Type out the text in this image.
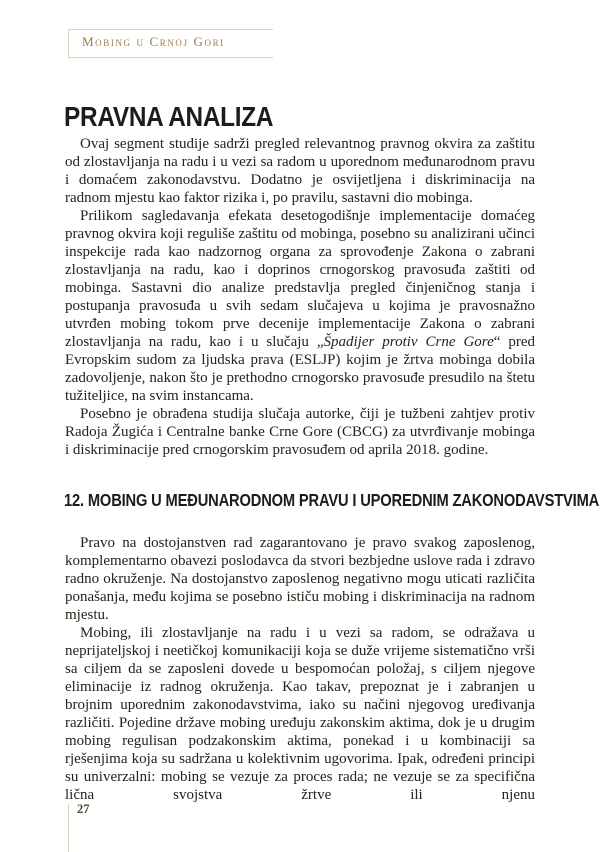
Mobing u Crnoj Gori
PRAVNA ANALIZA

Ovaj segment studije sadrži pregled relevantnog pravnog okvira za zaštitu od zlostavljanja na radu i u vezi sa radom u uporednom međunarodnom pravu i domaćem zakonodavstvu. Dodatno je osvijetljena i diskriminacija na radnom mjestu kao faktor rizika i, po pravilu, sastavni dio mobinga.

Prilikom sagledavanja efekata desetogodišnje implementacije domaćeg pravnog okvira koji reguliše zaštitu od mobinga, posebno su analizirani učinci inspekcije rada kao nadzornog organa za sprovođenje Zakona o zabrani zlostavljanja na radu, kao i doprinos crnogorskog pravosuđa zaštiti od mobinga. Sastavni dio analize predstavlja pregled činjeničnog stanja i postupanja pravosuđa u svih sedam slučajeva u kojima je pravosnažno utvrđen mobing tokom prve decenije implementacije Zakona o zabrani zlostavljanja na radu, kao i u slučaju „Špadijer protiv Crne Gore“ pred Evropskim sudom za ljudska prava (ESLJP) kojim je žrtva mobinga dobila zadovoljenje, nakon što je prethodno crnogorsko pravosuđe presudilo na štetu tužiteljice, na svim instancama.

Posebno je obrađena studija slučaja autorke, čiji je tužbeni zahtjev protiv Radoja Žugića i Centralne banke Crne Gore (CBCG) za utvrđivanje mobinga i diskriminacije pred crnogorskim pravosuđem od aprila 2018. godine.

12. MOBING U MEĐUNARODNOM PRAVU I UPOREDNIM ZAKONODAVSTVIMA

Pravo na dostojanstven rad zagarantovano je pravo svakog zaposlenog, komplementarno obavezi poslodavca da stvori bezbjedne uslove rada i zdravo radno okruženje. Na dostojanstvo zaposlenog negativno mogu uticati različita ponašanja, među kojima se posebno ističu mobing i diskriminacija na radnom mjestu.

Mobing, ili zlostavljanje na radu i u vezi sa radom, se odražava u neprijateljskoj i neetičkoj komunikaciji koja se duže vrijeme sistematično vrši sa ciljem da se zaposleni dovede u bespomoćan položaj, s ciljem njegove eliminacije iz radnog okruženja. Kao takav, prepoznat je i zabranjen u brojnim uporednim zakonodavstvima, iako su načini njegovog uređivanja različiti. Pojedine države mobing uređuju zakonskim aktima, dok je u drugim mobing regulisan podzakonskim aktima, ponekad i u kombinaciji sa rješenjima koja su sadržana u kolektivnim ugovorima. Ipak, određeni principi su univerzalni: mobing se vezuje za proces rada; ne vezuje se za specifična lična svojstva žrtve ili njenu

27
